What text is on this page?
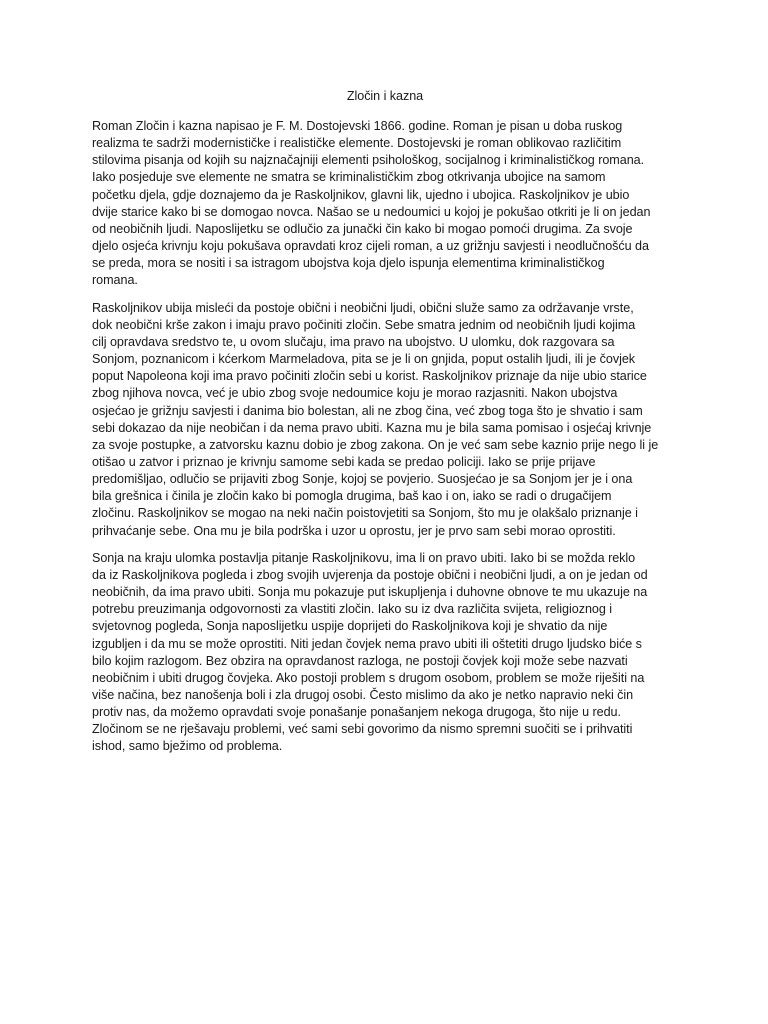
Zločin i kazna
Roman Zločin i kazna napisao je F. M. Dostojevski 1866. godine. Roman je pisan u doba ruskog
realizma te sadrži modernističke i realističke elemente. Dostojevski je roman oblikovao različitim
stilovima pisanja od kojih su najznačajniji elementi psihološkog, socijalnog i kriminalističkog romana.
Iako posjeduje sve elemente ne smatra se kriminalističkim zbog otkrivanja ubojice na samom
početku djela, gdje doznajemo da je Raskoljnikov, glavni lik, ujedno i ubojica. Raskoljnikov je ubio
dvije starice kako bi se domogao novca. Našao se u nedoumici u kojoj je pokušao otkriti je li on jedan
od neobičnih ljudi. Naposlijetku se odlučio za junački čin kako bi mogao pomoći drugima. Za svoje
djelo osjeća krivnju koju pokušava opravdati kroz cijeli roman, a uz grižnju savjesti i neodlučnošću da
se preda, mora se nositi i sa istragom ubojstva koja djelo ispunja elementima kriminalističkog
romana.
Raskoljnikov ubija misleći da postoje obični i neobični ljudi, obični služe samo za održavanje vrste,
dok neobični krše zakon i imaju pravo počiniti zločin. Sebe smatra jednim od neobičnih ljudi kojima
cilj opravdava sredstvo te, u ovom slučaju, ima pravo na ubojstvo. U ulomku, dok razgovara sa
Sonjom, poznanicom i kćerkom Marmeladova, pita se je li on gnjida, poput ostalih ljudi, ili je čovjek
poput Napoleona koji ima pravo počiniti zločin sebi u korist. Raskoljnikov priznaje da nije ubio starice
zbog njihova novca, već je ubio zbog svoje nedoumice koju je morao razjasniti. Nakon ubojstva
osjećao je grižnju savjesti i danima bio bolestan, ali ne zbog čina, već zbog toga što je shvatio i sam
sebi dokazao da nije neobičan i da nema pravo ubiti. Kazna mu je bila sama pomisao i osjećaj krivnje
za svoje postupke, a zatvorsku kaznu dobio je zbog zakona. On je već sam sebe kaznio prije nego li je
otišao u zatvor i priznao je krivnju samome sebi kada se predao policiji. Iako se prije prijave
predomišljao, odlučio se prijaviti zbog Sonje, kojoj se povjerio. Suosjećao je sa Sonjom jer je i ona
bila grešnica i činila je zločin kako bi pomogla drugima, baš kao i on, iako se radi o drugačijem
zločinu. Raskoljnikov se mogao na neki način poistovjetiti sa Sonjom, što mu je olakšalo priznanje i
prihvaćanje sebe. Ona mu je bila podrška i uzor u oprostu, jer je prvo sam sebi morao oprostiti.
Sonja na kraju ulomka postavlja pitanje Raskoljnikovu, ima li on pravo ubiti. Iako bi se možda reklo
da iz Raskoljnikova pogleda i zbog svojih uvjerenja da postoje obični i neobični ljudi, a on je jedan od
neobičnih, da ima pravo ubiti. Sonja mu pokazuje put iskupljenja i duhovne obnove te mu ukazuje na
potrebu preuzimanja odgovornosti za vlastiti zločin. Iako su iz dva različita svijeta, religioznog i
svjetovnog pogleda, Sonja naposlijetku uspije doprijeti do Raskoljnikova koji je shvatio da nije
izgubljen i da mu se može oprostiti. Niti jedan čovjek nema pravo ubiti ili oštetiti drugo ljudsko biće s
bilo kojim razlogom. Bez obzira na opravdanost razloga, ne postoji čovjek koji može sebe nazvati
neobičnim i ubiti drugog čovjeka. Ako postoji problem s drugom osobom, problem se može riješiti na
više načina, bez nanošenja boli i zla drugoj osobi. Često mislimo da ako je netko napravio neki čin
protiv nas, da možemo opravdati svoje ponašanje ponašanjem nekoga drugoga, što nije u redu.
Zločinom se ne rješavaju problemi, već sami sebi govorimo da nismo spremni suočiti se i prihvatiti
ishod, samo bježimo od problema.
